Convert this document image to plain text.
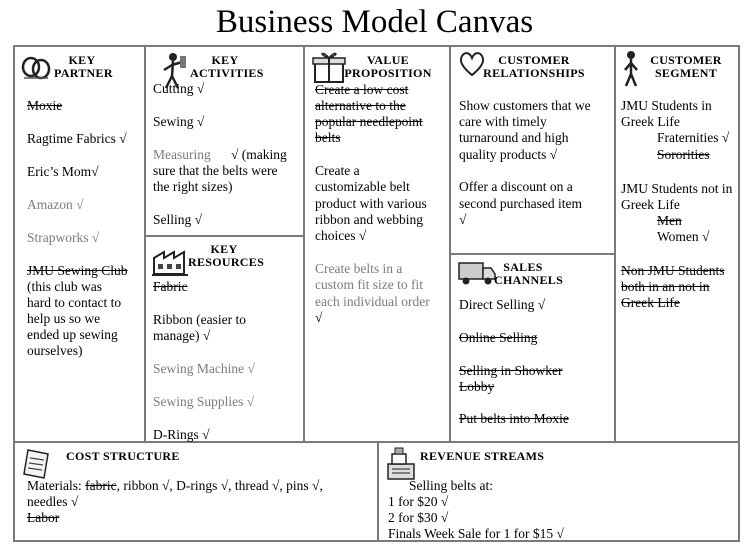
Business Model Canvas
KEY PARTNER
Moxie
Ragtime Fabrics √
Eric’s Mom√
Amazon √
Strapworks √
JMU Sewing Club
(this club was
hard to contact to
help us so we
ended up sewing
ourselves)
KEY ACTIVITIES
Cutting √
Sewing √
Measuring √ (making
sure that the belts were
the right sizes)
Selling √
KEY RESOURCES
Fabric
Ribbon (easier to
manage) √
Sewing Machine √
Sewing Supplies √
D-Rings √
VALUE PROPOSITION
Create a low cost
alternative to the
popular needlepoint
belts
Create a
customizable belt
product with various
ribbon and webbing
choices √
Create belts in a
custom fit size to fit
each individual order
√
CUSTOMER RELATIONSHIPS
Show customers that we
care with timely
turnaround and high
quality products √
Offer a discount on a
second purchased item
√
SALES CHANNELS
Direct Selling √
Online Selling
Selling in Showker
Lobby
Put belts into Moxie
CUSTOMER SEGMENT
JMU Students in
Greek Life
Fraternities √
Sororities
JMU Students not in
Greek Life
Men
Women √
Non JMU Students
both in an not in
Greek Life
COST STRUCTURE
Materials: fabric, ribbon √, D-rings √, thread √, pins √,
needles √
Labor
REVENUE STREAMS
Selling belts at:
1 for $20 √
2 for $30 √
Finals Week Sale for 1 for $15 √
